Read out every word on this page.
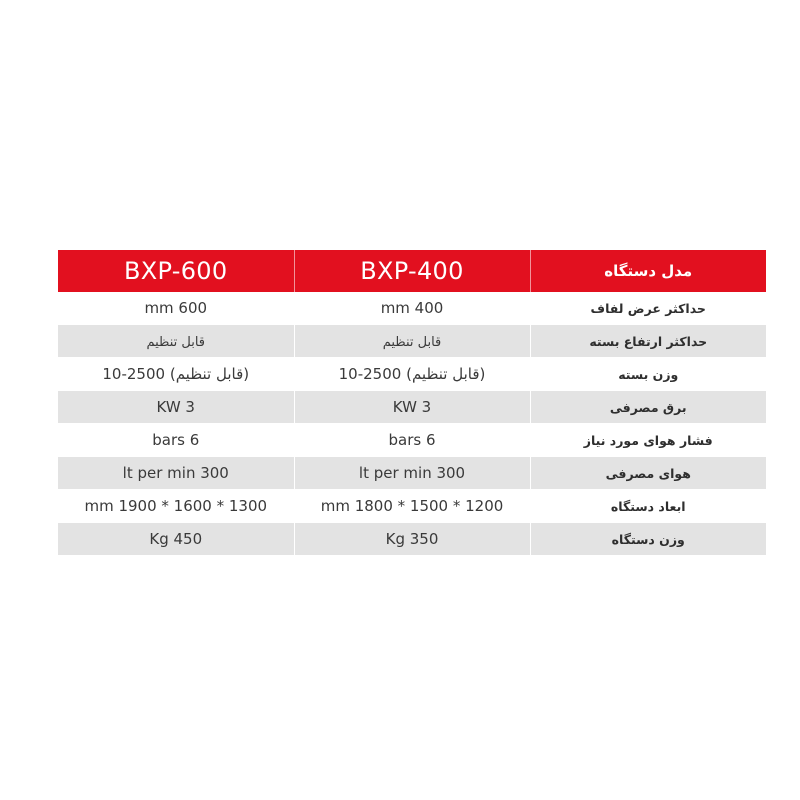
BXP-600	BXP-400	مدل دستگاه
mm 600	mm 400	حداکثر عرض لفاف
قابل تنظیم	قابل تنظیم	حداکثر ارتفاع بسته
10-2500 (قابل تنظیم)	10-2500 (قابل تنظیم)	وزن بسته
KW 3	KW 3	برق مصرفی
bars 6	bars 6	فشار هوای مورد نیاز
lt per min 300	lt per min 300	هوای مصرفی
mm 1900 * 1600 * 1300	mm 1800 * 1500 * 1200	ابعاد دستگاه
Kg 450	Kg 350	وزن دستگاه
